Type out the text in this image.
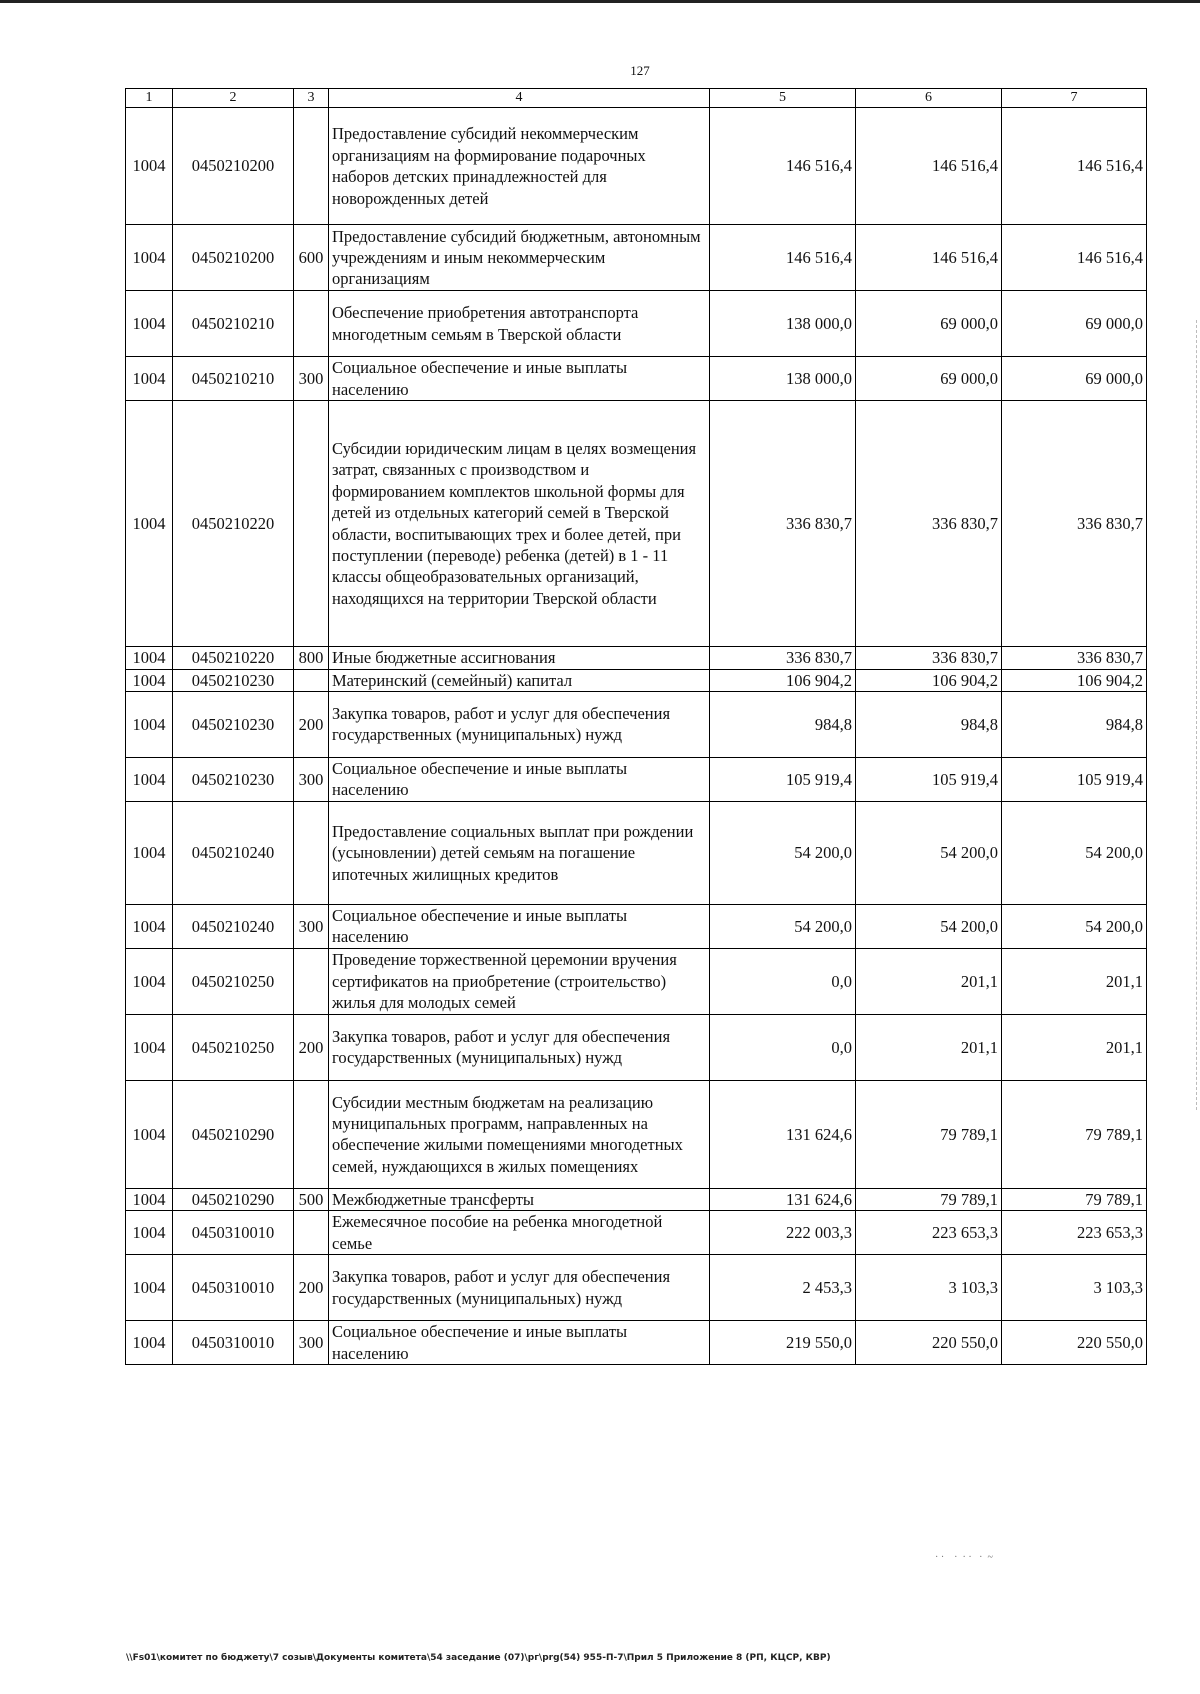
127
1	2	3	4	5	6	7
1004	0450210200		Предоставление субсидий некоммерческим организациям на формирование подарочных наборов детских принадлежностей для новорожденных детей	146 516,4	146 516,4	146 516,4
1004	0450210200	600	Предоставление субсидий бюджетным, автономным учреждениям и иным некоммерческим организациям	146 516,4	146 516,4	146 516,4
1004	0450210210		Обеспечение приобретения автотранспорта многодетным семьям в Тверской области	138 000,0	69 000,0	69 000,0
1004	0450210210	300	Социальное обеспечение и иные выплаты населению	138 000,0	69 000,0	69 000,0
1004	0450210220		Субсидии юридическим лицам в целях возмещения затрат, связанных с производством и формированием комплектов школьной формы для детей из отдельных категорий семей в Тверской области, воспитывающих трех и более детей, при поступлении (переводе) ребенка (детей) в 1 - 11 классы общеобразовательных организаций, находящихся на территории Тверской области	336 830,7	336 830,7	336 830,7
1004	0450210220	800	Иные бюджетные ассигнования	336 830,7	336 830,7	336 830,7
1004	0450210230		Материнский (семейный) капитал	106 904,2	106 904,2	106 904,2
1004	0450210230	200	Закупка товаров, работ и услуг для обеспечения государственных (муниципальных) нужд	984,8	984,8	984,8
1004	0450210230	300	Социальное обеспечение и иные выплаты населению	105 919,4	105 919,4	105 919,4
1004	0450210240		Предоставление социальных выплат при рождении (усыновлении) детей семьям на погашение ипотечных жилищных кредитов	54 200,0	54 200,0	54 200,0
1004	0450210240	300	Социальное обеспечение и иные выплаты населению	54 200,0	54 200,0	54 200,0
1004	0450210250		Проведение торжественной церемонии вручения сертификатов на приобретение (строительство) жилья для молодых семей	0,0	201,1	201,1
1004	0450210250	200	Закупка товаров, работ и услуг для обеспечения государственных (муниципальных) нужд	0,0	201,1	201,1
1004	0450210290		Субсидии местным бюджетам на реализацию муниципальных программ, направленных на обеспечение жилыми помещениями многодетных семей, нуждающихся в жилых помещениях	131 624,6	79 789,1	79 789,1
1004	0450210290	500	Межбюджетные трансферты	131 624,6	79 789,1	79 789,1
1004	0450310010		Ежемесячное пособие на ребенка многодетной семье	222 003,3	223 653,3	223 653,3
1004	0450310010	200	Закупка товаров, работ и услуг для обеспечения государственных (муниципальных) нужд	2 453,3	3 103,3	3 103,3
1004	0450310010	300	Социальное обеспечение и иные выплаты населению	219 550,0	220 550,0	220 550,0
· ·    ·  · ·   ·  ~
\\Fs01\комитет по бюджету\7 созыв\Документы комитета\54 заседание (07)\рг\prg(54) 955-П-7\Прил 5 Приложение 8 (РП, КЦСР, КВР)
